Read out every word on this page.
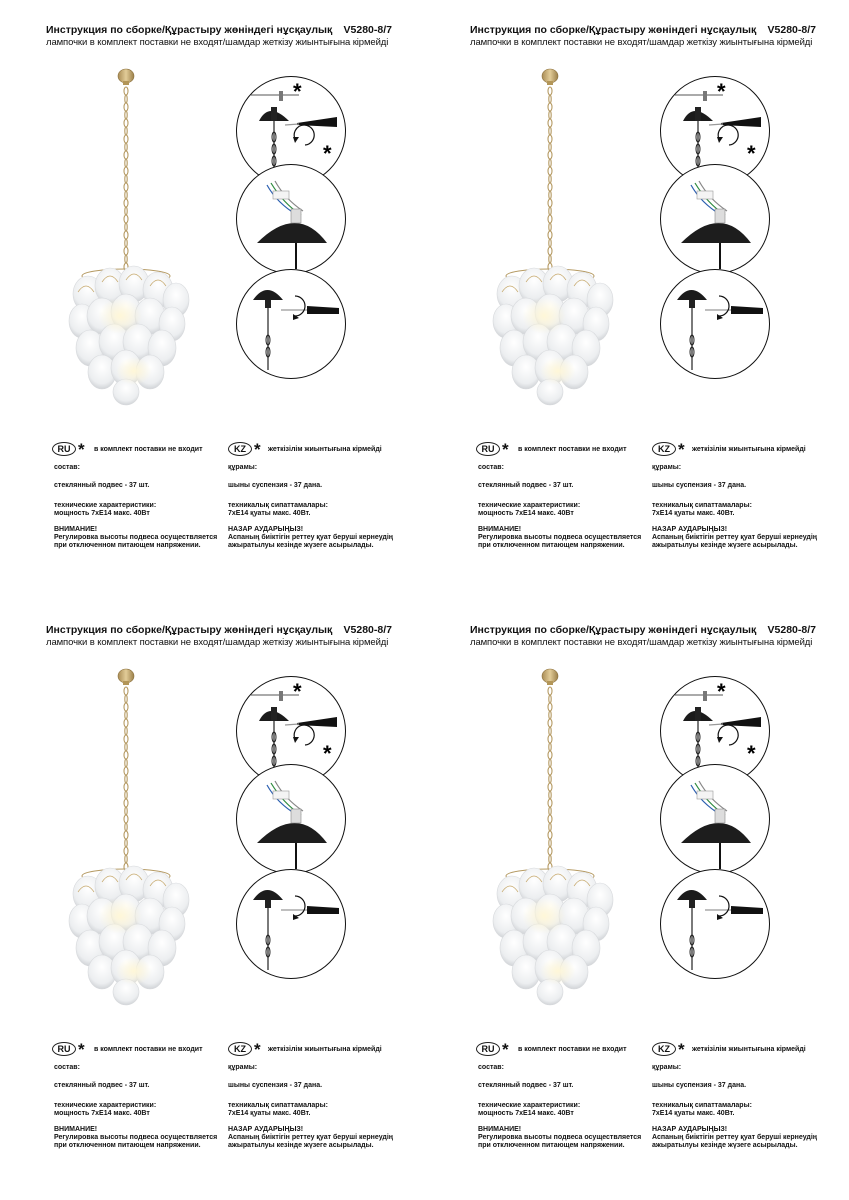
Инструкция по сборке/Құрастыру жөніндегі нұсқаулық V5280-8/7
лампочки в комплект поставки не входят/шамдар жеткізу жиынтығына кірмейді
RU * в комплект поставки не входит	KZ * жеткізілім жиынтығына кірмейді
состав:
стеклянный подвес - 37 шт.
технические характеристики:
мощность 7xE14 макс. 40Вт
ВНИМАНИЕ!
Регулировка высоты подвеса осуществляется
при отключенном питающем напряжении.
құрамы:
шыны суспензия - 37 дана.
техникалық сипаттамалары:
7xE14 қуаты макс. 40Вт.
НАЗАР АУДАРЫҢЫЗ!
Аспаның биіктігін реттеу қуат беруші кернеудің
ажыратылуы кезінде жүзеге асырылады.
Инструкция по сборке/Құрастыру жөніндегі нұсқаулық V5280-8/7
лампочки в комплект поставки не входят/шамдар жеткізу жиынтығына кірмейді
RU * в комплект поставки не входит	KZ * жеткізілім жиынтығына кірмейді
состав:
стеклянный подвес - 37 шт.
технические характеристики:
мощность 7xE14 макс. 40Вт
ВНИМАНИЕ!
Регулировка высоты подвеса осуществляется
при отключенном питающем напряжении.
құрамы:
шыны суспензия - 37 дана.
техникалық сипаттамалары:
7xE14 қуаты макс. 40Вт.
НАЗАР АУДАРЫҢЫЗ!
Аспаның биіктігін реттеу қуат беруші кернеудің
ажыратылуы кезінде жүзеге асырылады.
Инструкция по сборке/Құрастыру жөніндегі нұсқаулық V5280-8/7
лампочки в комплект поставки не входят/шамдар жеткізу жиынтығына кірмейді
RU * в комплект поставки не входит	KZ * жеткізілім жиынтығына кірмейді
состав:
стеклянный подвес - 37 шт.
технические характеристики:
мощность 7xE14 макс. 40Вт
ВНИМАНИЕ!
Регулировка высоты подвеса осуществляется
при отключенном питающем напряжении.
құрамы:
шыны суспензия - 37 дана.
техникалық сипаттамалары:
7xE14 қуаты макс. 40Вт.
НАЗАР АУДАРЫҢЫЗ!
Аспаның биіктігін реттеу қуат беруші кернеудің
ажыратылуы кезінде жүзеге асырылады.
Инструкция по сборке/Құрастыру жөніндегі нұсқаулық V5280-8/7
лампочки в комплект поставки не входят/шамдар жеткізу жиынтығына кірмейді
RU * в комплект поставки не входит	KZ * жеткізілім жиынтығына кірмейді
состав:
стеклянный подвес - 37 шт.
технические характеристики:
мощность 7xE14 макс. 40Вт
ВНИМАНИЕ!
Регулировка высоты подвеса осуществляется
при отключенном питающем напряжении.
құрамы:
шыны суспензия - 37 дана.
техникалық сипаттамалары:
7xE14 қуаты макс. 40Вт.
НАЗАР АУДАРЫҢЫЗ!
Аспаның биіктігін реттеу қуат беруші кернеудің
ажыратылуы кезінде жүзеге асырылады.
